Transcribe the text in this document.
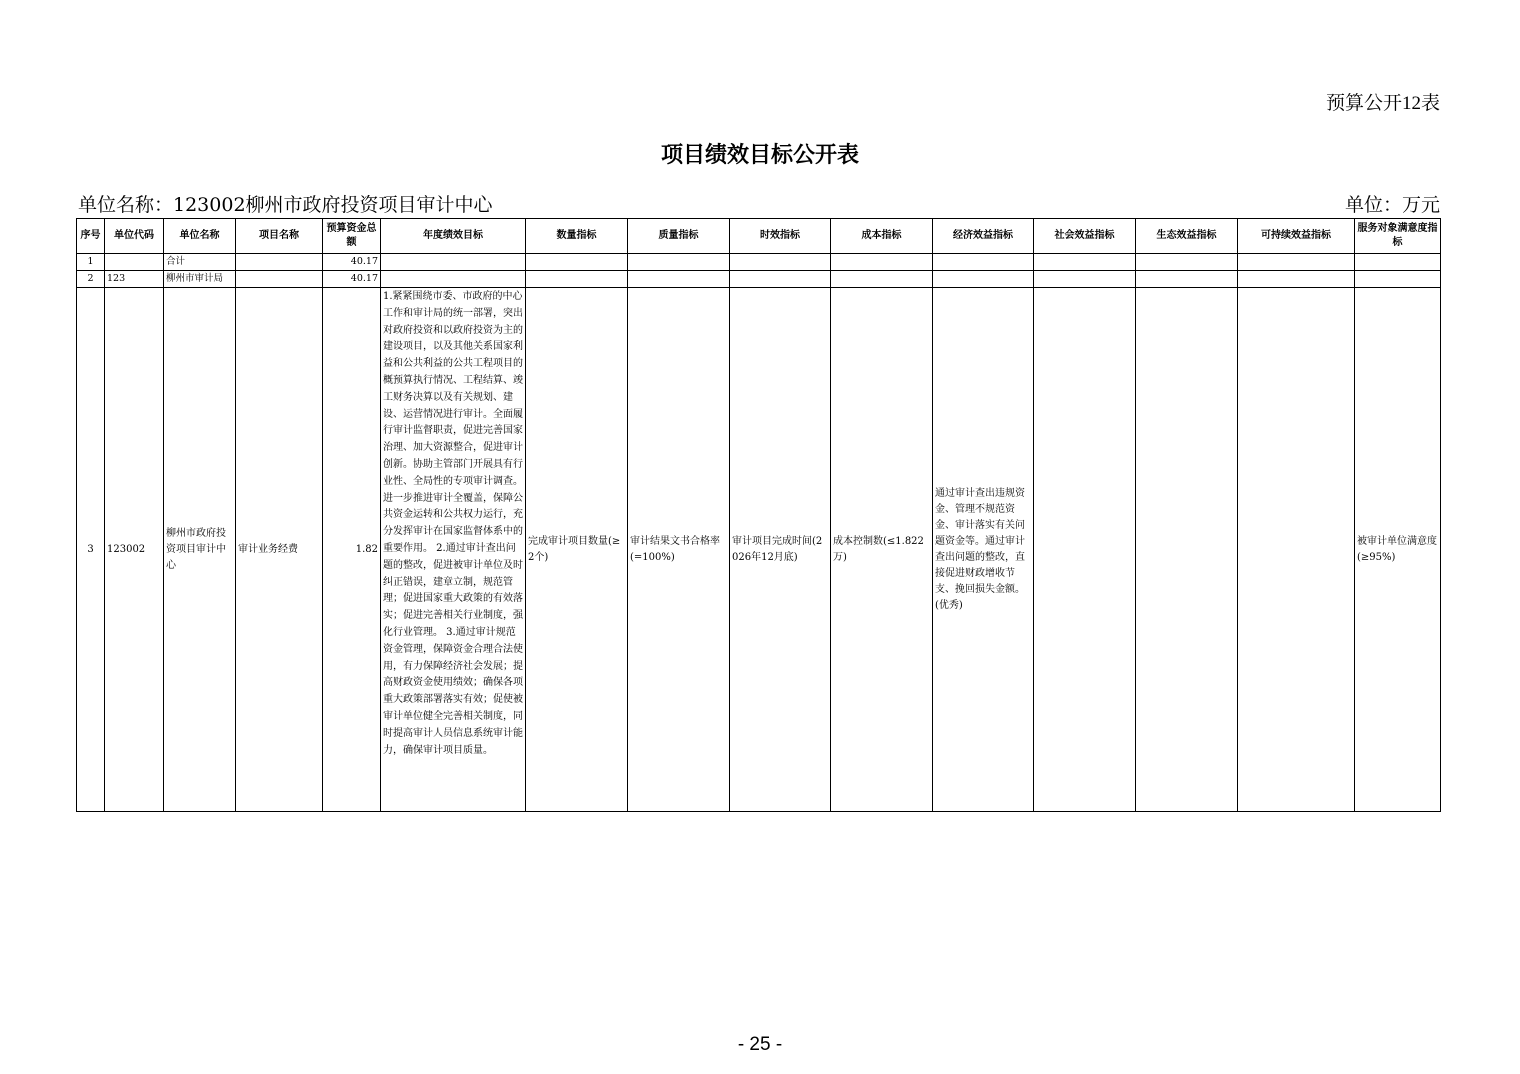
预算公开12表
项目绩效目标公开表
单位名称：123002柳州市政府投资项目审计中心	单位：万元
序号	单位代码	单位名称	项目名称	预算资金总额	年度绩效目标	数量指标	质量指标	时效指标	成本指标	经济效益指标	社会效益指标	生态效益指标	可持续效益指标	服务对象满意度指标
1		合计		40.17										
2	123	柳州市审计局		40.17										
3	123002	柳州市政府投资项目审计中心	审计业务经费	1.82	1.紧紧围绕市委、市政府的中心工作和审计局的统一部署，突出对政府投资和以政府投资为主的建设项目，以及其他关系国家利益和公共利益的公共工程项目的概预算执行情况、工程结算、竣工财务决算以及有关规划、建设、运营情况进行审计。全面履行审计监督职责，促进完善国家治理、加大资源整合，促进审计创新。协助主管部门开展具有行业性、全局性的专项审计调查。进一步推进审计全覆盖，保障公共资金运转和公共权力运行，充分发挥审计在国家监督体系中的重要作用。 2.通过审计查出问题的整改，促进被审计单位及时纠正错误，建章立制，规范管理；促进国家重大政策的有效落实；促进完善相关行业制度，强化行业管理。 3.通过审计规范资金管理，保障资金合理合法使用，有力保障经济社会发展；提高财政资金使用绩效；确保各项重大政策部署落实有效；促使被审计单位健全完善相关制度，同时提高审计人员信息系统审计能力，确保审计项目质量。	完成审计项目数量(≥2个)	审计结果文书合格率(=100%)	审计项目完成时间(2026年12月底)	成本控制数(≤1.822万)	通过审计查出违规资金、管理不规范资金、审计落实有关问题资金等。通过审计查出问题的整改，直接促进财政增收节支、挽回损失金额。(优秀)				被审计单位满意度(≥95%)
- 25 -
